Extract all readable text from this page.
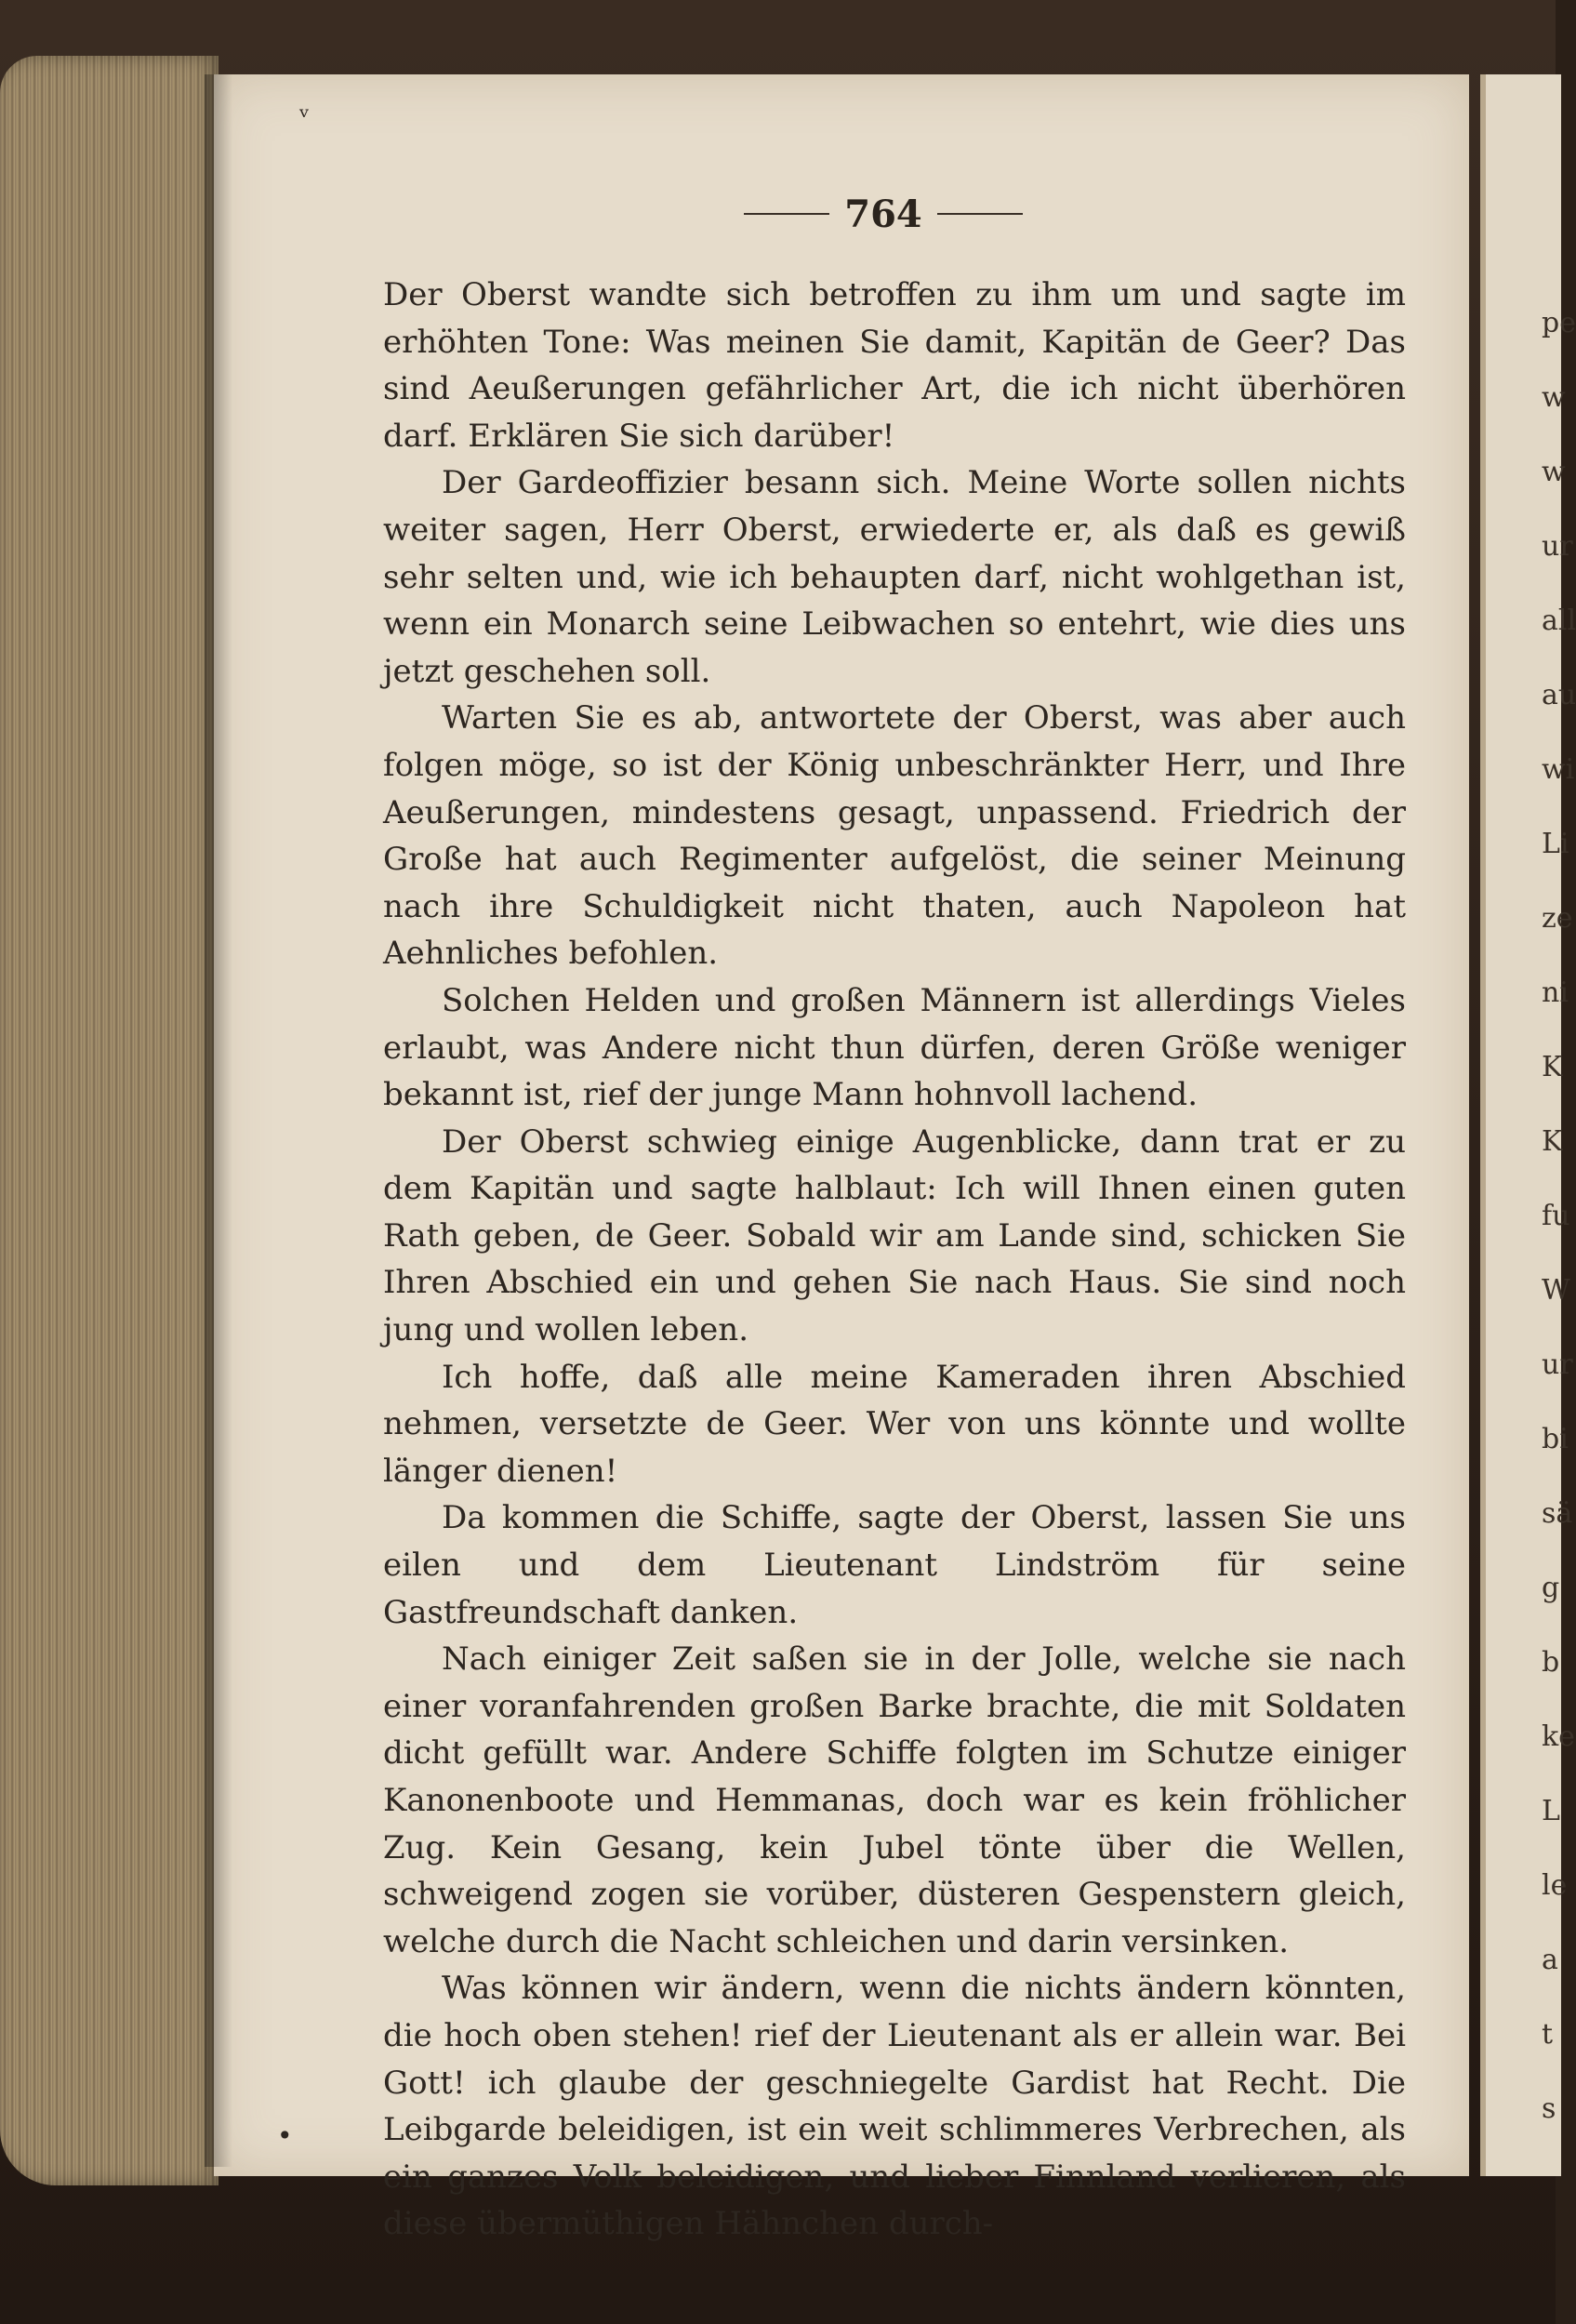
pe
w
w
ur
all
au
wi
Li
ze
ni
K
K
fu
W
ur
bi
sä
g
b
ke
L
le
a
t
s
ᵥ
•
764

Der Oberst wandte sich betroffen zu ihm um und sagte im erhöhten Tone: Was meinen Sie damit, Kapitän de Geer? Das sind Aeußerungen gefährlicher Art, die ich nicht überhören darf. Erklären Sie sich darüber!

Der Gardeoffizier besann sich. Meine Worte sollen nichts weiter sagen, Herr Oberst, erwiederte er, als daß es gewiß sehr selten und, wie ich behaupten darf, nicht wohlgethan ist, wenn ein Monarch seine Leibwachen so entehrt, wie dies uns jetzt geschehen soll.

Warten Sie es ab, antwortete der Oberst, was aber auch folgen möge, so ist der König unbeschränkter Herr, und Ihre Aeußerungen, mindestens gesagt, unpassend. Friedrich der Große hat auch Regimenter aufgelöst, die seiner Meinung nach ihre Schuldigkeit nicht thaten, auch Napoleon hat Aehnliches befohlen.

Solchen Helden und großen Männern ist allerdings Vieles erlaubt, was Andere nicht thun dürfen, deren Größe weniger bekannt ist, rief der junge Mann hohnvoll lachend.

Der Oberst schwieg einige Augenblicke, dann trat er zu dem Kapitän und sagte halblaut: Ich will Ihnen einen guten Rath geben, de Geer. Sobald wir am Lande sind, schicken Sie Ihren Abschied ein und gehen Sie nach Haus. Sie sind noch jung und wollen leben.

Ich hoffe, daß alle meine Kameraden ihren Abschied nehmen, versetzte de Geer. Wer von uns könnte und wollte länger dienen!

Da kommen die Schiffe, sagte der Oberst, lassen Sie uns eilen und dem Lieutenant Lindström für seine Gastfreundschaft danken.

Nach einiger Zeit saßen sie in der Jolle, welche sie nach einer voranfahrenden großen Barke brachte, die mit Soldaten dicht gefüllt war. Andere Schiffe folgten im Schutze einiger Kanonenboote und Hemmanas, doch war es kein fröhlicher Zug. Kein Gesang, kein Jubel tönte über die Wellen, schweigend zogen sie vorüber, düsteren Gespenstern gleich, welche durch die Nacht schleichen und darin versinken.

Was können wir ändern, wenn die nichts ändern könnten, die hoch oben stehen! rief der Lieutenant als er allein war. Bei Gott! ich glaube der geschniegelte Gardist hat Recht. Die Leibgarde beleidigen, ist ein weit schlimmeres Verbrechen, als ein ganzes Volk beleidigen, und lieber Finnland verlieren, als diese übermüthigen Hähnchen durch-
